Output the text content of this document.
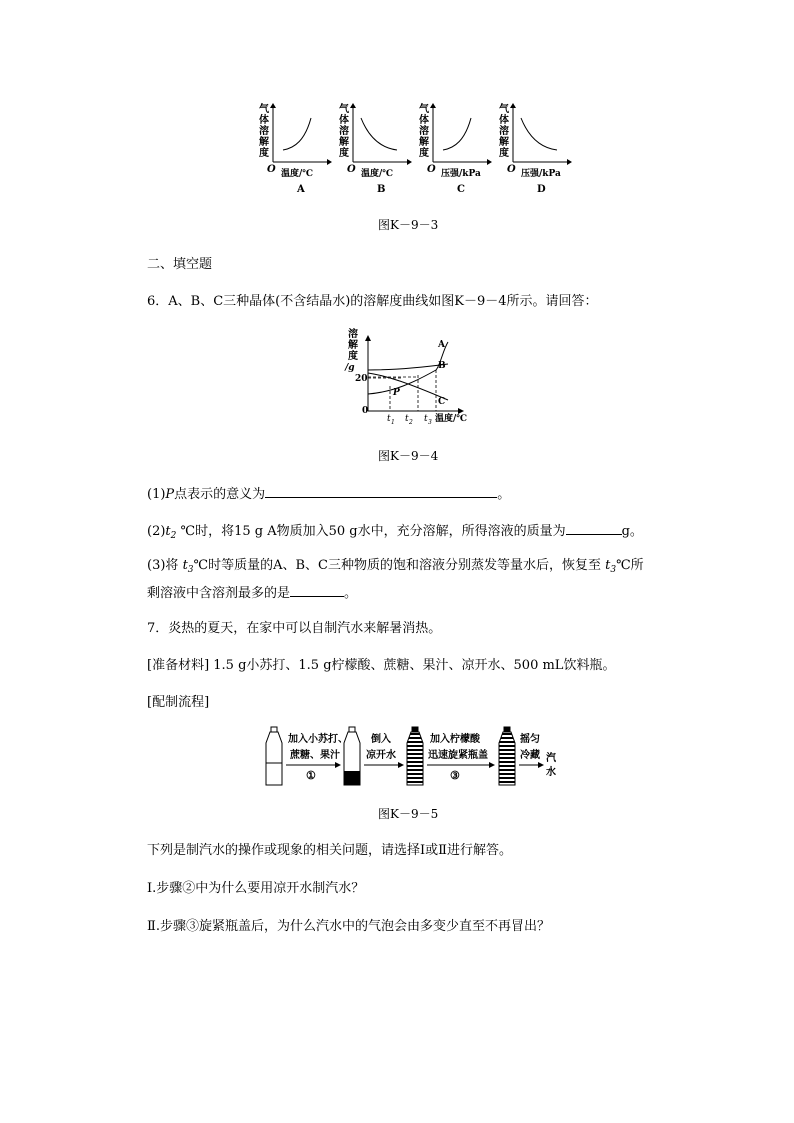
气
体
溶
解
度
O 温度/℃
A
气
体
溶
解
度
O 温度/℃
B
气
体
溶
解
度
O 压强/kPa
C
气
体
溶
解
度
O 压强/kPa
D
图K－9－3
二、填空题
6．A、B、C三种晶体(不含结晶水)的溶解度曲线如图K－9－4所示。请回答：
溶
解
度
/g
20
0
P
A
B
C
t 1 t 2 t 3 温度/℃
图K－9－4
(1)P点表示的意义为	。
$(2)t_2$ ℃时，将15 g A物质加入50 g水中，充分溶解，所得溶液的质量为	g。
(3)将 $t_3℃$时等质量的A、B、C三种物质的饱和溶液分别蒸发等量水后，恢复至 $t_3℃$所
剩溶液中含溶剂最多的是	。
7．炎热的夏天，在家中可以自制汽水来解暑消热。
[准备材料] 1.5 g小苏打、1.5 g柠檬酸、蔗糖、果汁、凉开水、500 mL饮料瓶。
[配制流程]
加入小苏打、
蔗糖、果汁
①
倒入
凉开水
加入柠檬酸
迅速旋紧瓶盖
③
摇匀
冷藏 汽
水
图K－9－5
下列是制汽水的操作或现象的相关问题，请选择Ⅰ或Ⅱ进行解答。
Ⅰ.步骤②中为什么要用凉开水制汽水？
Ⅱ.步骤③旋紧瓶盖后，为什么汽水中的气泡会由多变少直至不再冒出？
